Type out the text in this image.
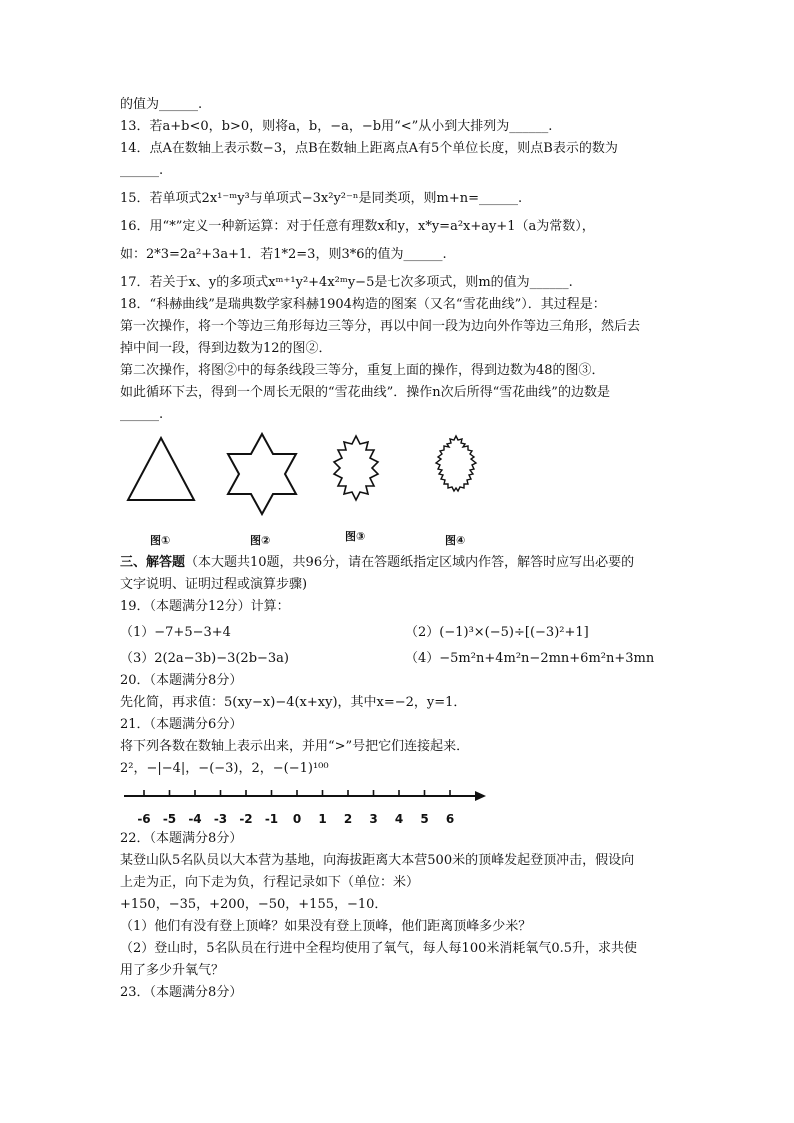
的值为______.
13．若a+b<0，b>0，则将a，b，−a，−b用“<”从小到大排列为______.
14．点A在数轴上表示数−3，点B在数轴上距离点A有5个单位长度，则点B表示的数为
______.
15．若单项式2x¹⁻ᵐy³与单项式−3x²y²⁻ⁿ是同类项，则m+n=______.
16．用“*”定义一种新运算：对于任意有理数x和y，x*y=a²x+ay+1（a为常数），
如：2*3=2a²+3a+1．若1*2=3，则3*6的值为______.
17．若关于x、y的多项式xᵐ⁺¹y²+4x²ᵐy−5是七次多项式，则m的值为______.
18．“科赫曲线”是瑞典数学家科赫1904构造的图案（又名“雪花曲线”）．其过程是：
第一次操作，将一个等边三角形每边三等分，再以中间一段为边向外作等边三角形，然后去
掉中间一段，得到边数为12的图②．
第二次操作，将图②中的每条线段三等分，重复上面的操作，得到边数为48的图③．
如此循环下去，得到一个周长无限的“雪花曲线”．操作n次后所得“雪花曲线”的边数是
______.
图①	图②	图③	图④
三、解答题（本大题共10题，共96分，请在答题纸指定区域内作答，解答时应写出必要的
文字说明、证明过程或演算步骤)
19．（本题满分12分）计算：
（1）−7+5−3+4	（2）(−1)³×(−5)÷[(−3)²+1]
（3）2(2a−3b)−3(2b−3a)	（4）−5m²n+4m²n−2mn+6m²n+3mn
20．（本题满分8分）
先化简，再求值：5(xy−x)−4(x+xy)，其中x=−2，y=1．
21．（本题满分6分）
将下列各数在数轴上表示出来，并用“>”号把它们连接起来．
2²，−|−4|，−(−3)，2，−(−1)¹⁰⁰
-6 -5 -4 -3 -2 -1 0 1 2 3 4 5 6
22．（本题满分8分）
某登山队5名队员以大本营为基地，向海拔距离大本营500米的顶峰发起登顶冲击，假设向
上走为正，向下走为负，行程记录如下（单位：米）
+150，−35，+200，−50，+155，−10．
（1）他们有没有登上顶峰？如果没有登上顶峰，他们距离顶峰多少米？
（2）登山时，5名队员在行进中全程均使用了氧气，每人每100米消耗氧气0.5升，求共使
用了多少升氧气？
23．（本题满分8分）
